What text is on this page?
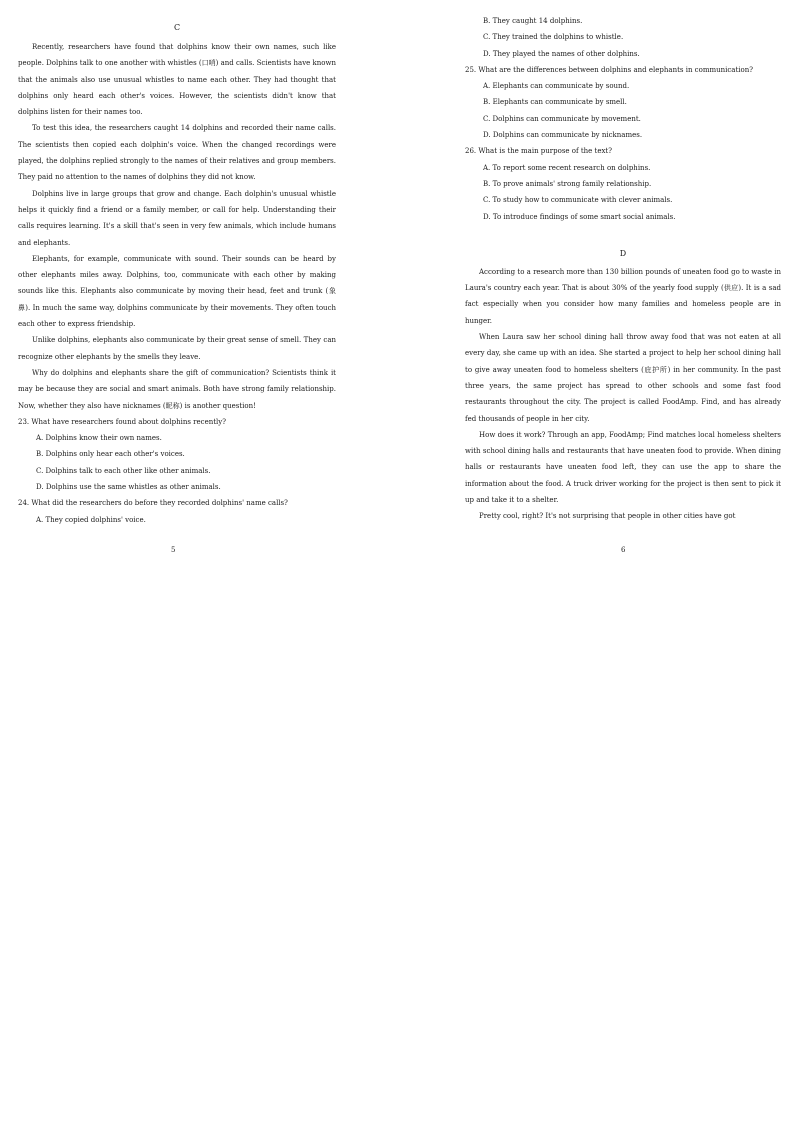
C

Recently, researchers have found that dolphins know their own names, such like people. Dolphins talk to one another with whistles (口哨) and calls. Scientists have known that the animals also use unusual whistles to name each other. They had thought that dolphins only heard each other's voices. However, the scientists didn't know that dolphins listen for their names too.

To test this idea, the researchers caught 14 dolphins and recorded their name calls. The scientists then copied each dolphin's voice. When the changed recordings were played, the dolphins replied strongly to the names of their relatives and group members. They paid no attention to the names of dolphins they did not know.

Dolphins live in large groups that grow and change. Each dolphin's unusual whistle helps it quickly find a friend or a family member, or call for help. Understanding their calls requires learning. It's a skill that's seen in very few animals, which include humans and elephants.

Elephants, for example, communicate with sound. Their sounds can be heard by other elephants miles away. Dolphins, too, communicate with each other by making sounds like this. Elephants also communicate by moving their head, feet and trunk (象鼻). In much the same way, dolphins communicate by their movements. They often touch each other to express friendship.

Unlike dolphins, elephants also communicate by their great sense of smell. They can recognize other elephants by the smells they leave.

Why do dolphins and elephants share the gift of communication? Scientists think it may be because they are social and smart animals. Both have strong family relationship. Now, whether they also have nicknames (昵称) is another question!

23. What have researchers found about dolphins recently?
A. Dolphins know their own names.
B. Dolphins only hear each other's voices.
C. Dolphins talk to each other like other animals.
D. Dolphins use the same whistles as other animals.
24. What did the researchers do before they recorded dolphins' name calls?
A. They copied dolphins' voice.
5
B. They caught 14 dolphins.
C. They trained the dolphins to whistle.
D. They played the names of other dolphins.
25. What are the differences between dolphins and elephants in communication?
A. Elephants can communicate by sound.
B. Elephants can communicate by smell.
C. Dolphins can communicate by movement.
D. Dolphins can communicate by nicknames.
26. What is the main purpose of the text?
A. To report some recent research on dolphins.
B. To prove animals' strong family relationship.
C. To study how to communicate with clever animals.
D. To introduce findings of some smart social animals.
D

According to a research more than 130 billion pounds of uneaten food go to waste in Laura's country each year. That is about 30% of the yearly food supply (供应). It is a sad fact especially when you consider how many families and homeless people are in hunger.

When Laura saw her school dining hall throw away food that was not eaten at all every day, she came up with an idea. She started a project to help her school dining hall to give away uneaten food to homeless shelters (庇护所) in her community. In the past three years, the same project has spread to other schools and some fast food restaurants throughout the city. The project is called FoodAmp. Find, and has already fed thousands of people in her city.

How does it work? Through an app, FoodAmp; Find matches local homeless shelters with school dining halls and restaurants that have uneaten food to provide. When dining halls or restaurants have uneaten food left, they can use the app to share the information about the food. A truck driver working for the project is then sent to pick it up and take it to a shelter.

Pretty cool, right? It's not surprising that people in other cities have got

6
